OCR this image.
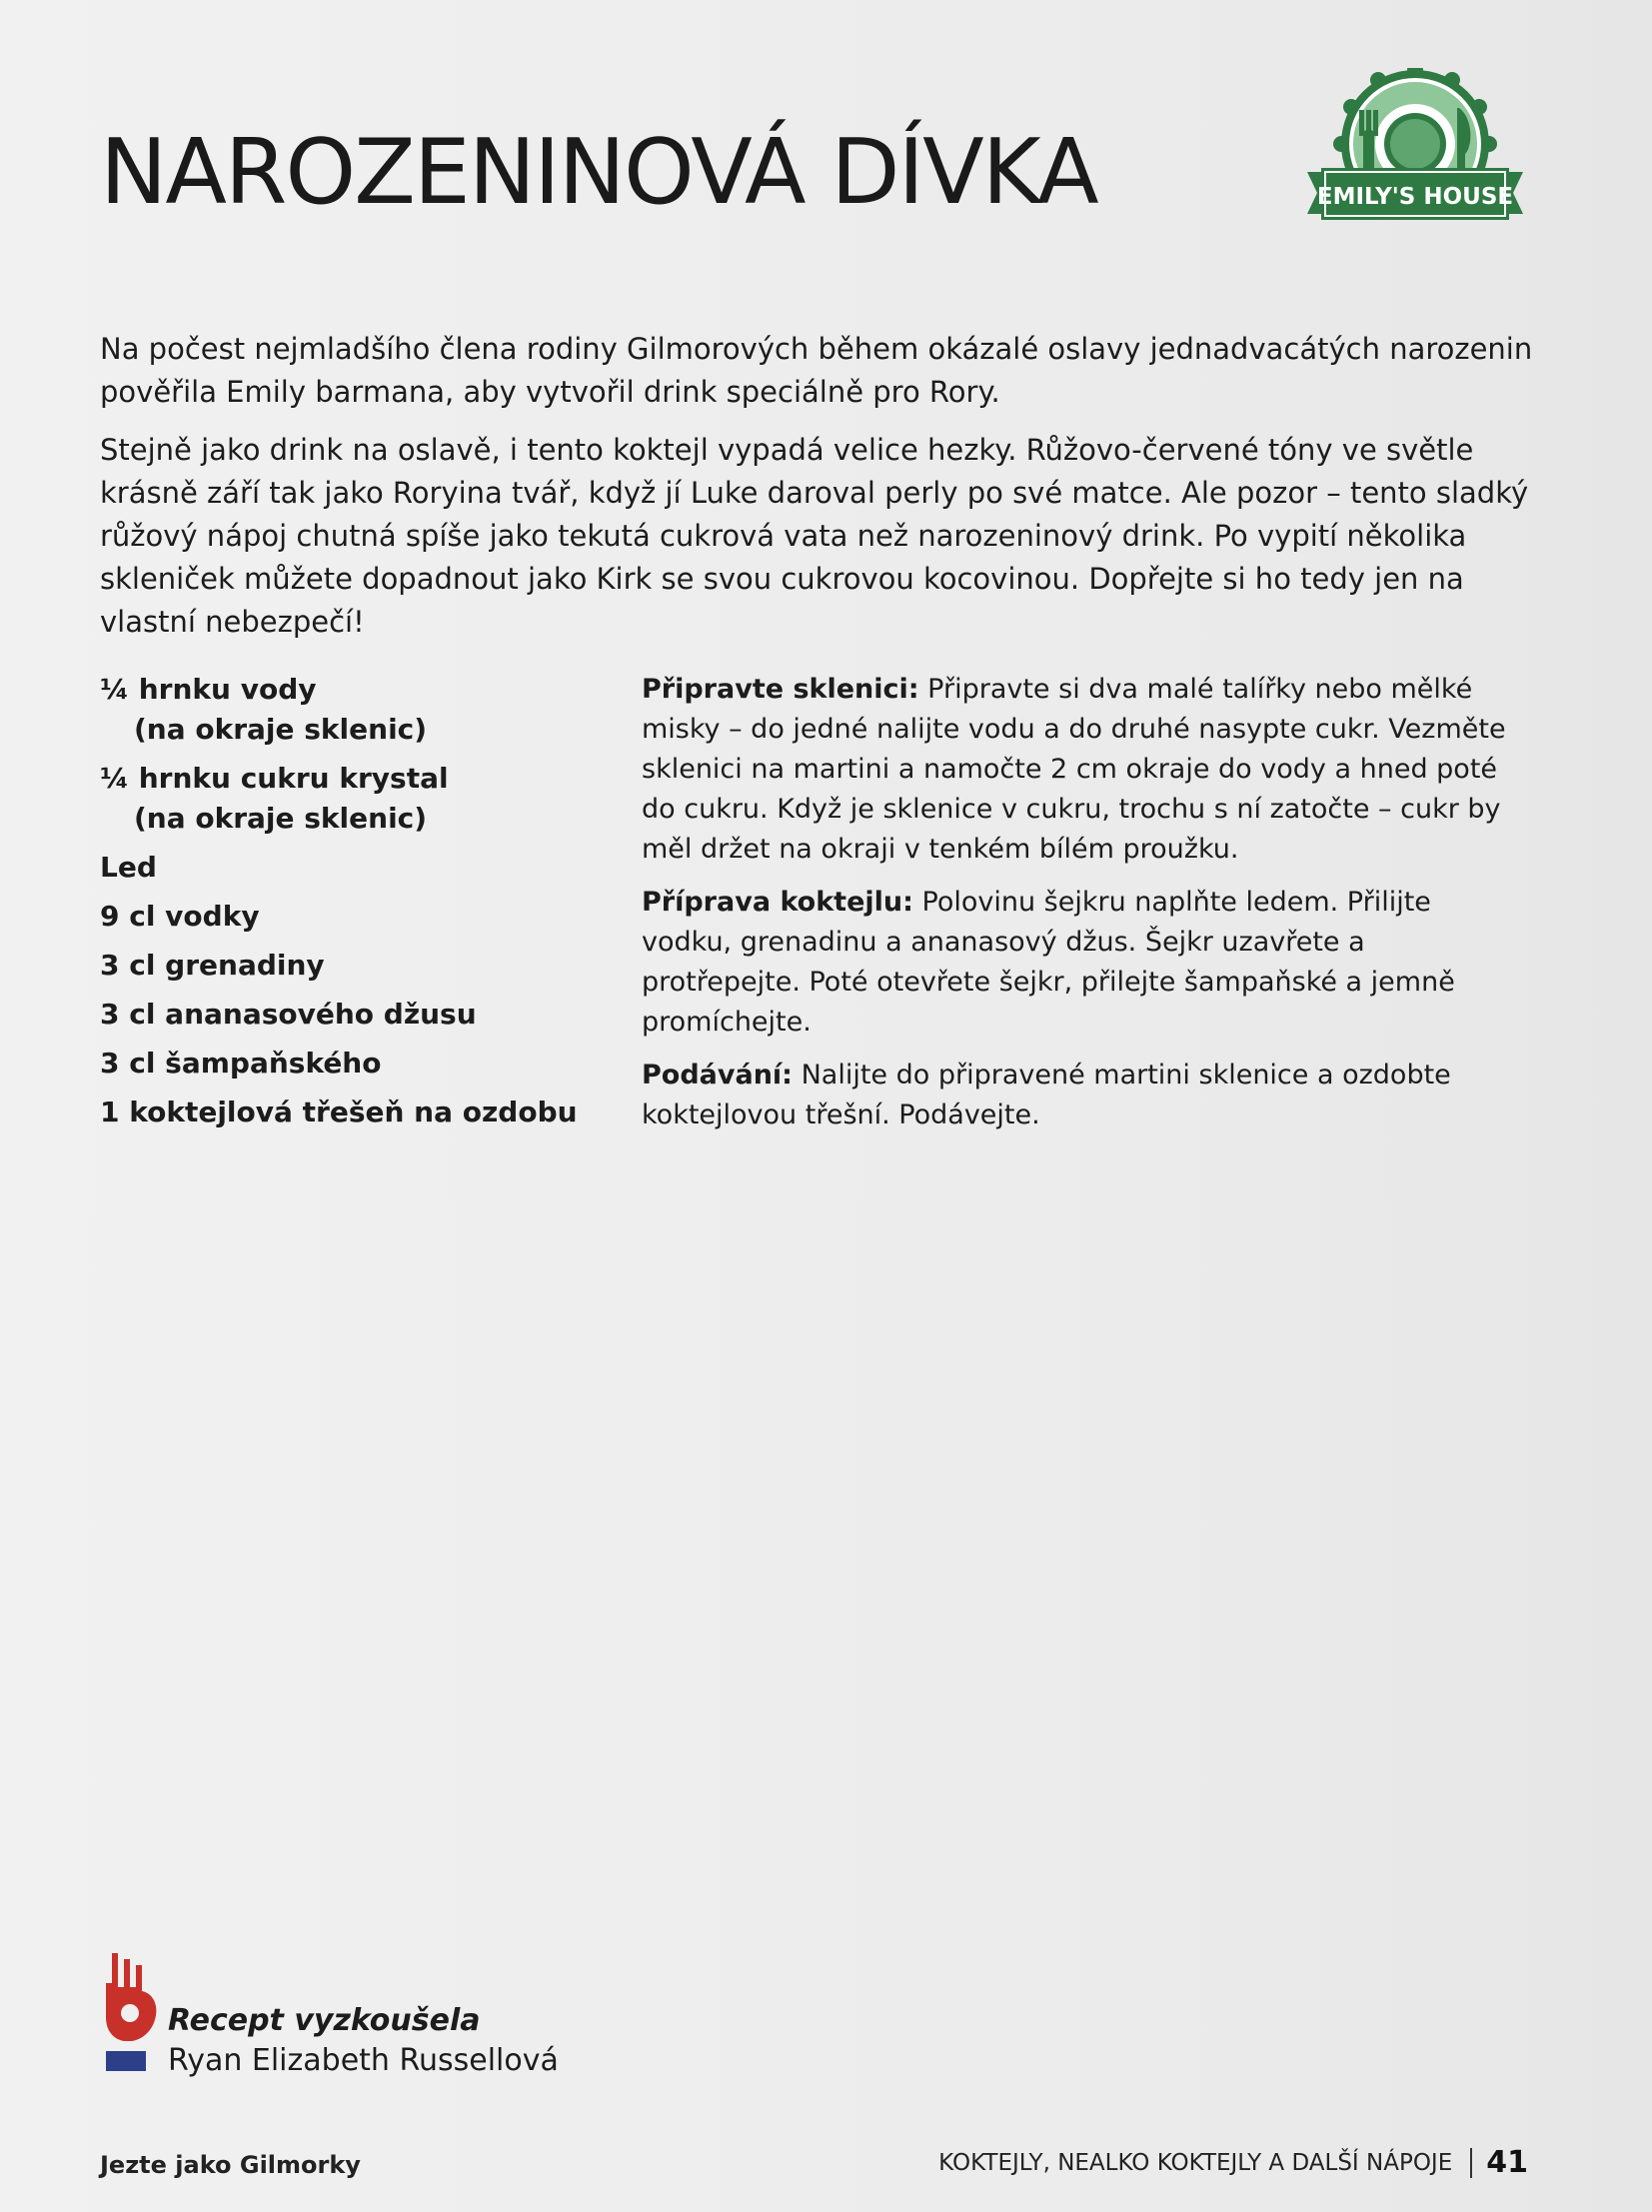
NAROZENINOVÁ DÍVKA	EMILY'S HOUSE

Na počest nejmladšího člena rodiny Gilmorových během okázalé oslavy jednadvacátých narozenin pověřila Emily barmana, aby vytvořil drink speciálně pro Rory.

Stejně jako drink na oslavě, i tento koktejl vypadá velice hezky. Růžovo-červené tóny ve světle krásně září tak jako Roryina tvář, když jí Luke daroval perly po své matce. Ale pozor – tento sladký růžový nápoj chutná spíše jako tekutá cukrová vata než narozeninový drink. Po vypití několika skleniček můžete dopadnout jako Kirk se svou cukrovou kocovinou. Dopřejte si ho tedy jen na vlastní nebezpečí!

¼ hrnku vody
(na okraje sklenic)
¼ hrnku cukru krystal
(na okraje sklenic)
Led
9 cl vodky
3 cl grenadiny
3 cl ananasového džusu
3 cl šampaňského
1 koktejlová třešeň na ozdobu

Připravte sklenici: Připravte si dva malé talířky nebo mělké misky – do jedné nalijte vodu a do druhé nasypte cukr. Vezměte sklenici na martini a namočte 2 cm okraje do vody a hned poté do cukru. Když je sklenice v cukru, trochu s ní zatočte – cukr by měl držet na okraji v tenkém bílém proužku.

Příprava koktejlu: Polovinu šejkru naplňte ledem. Přilijte vodku, grenadinu a ananasový džus. Šejkr uzavřete a protřepejte. Poté otevřete šejkr, přilejte šampaňské a jemně promíchejte.

Podávání: Nalijte do připravené martini sklenice a ozdobte koktejlovou třešní. Podávejte.

Recept vyzkoušela
Ryan Elizabeth Russellová
Jezte jako Gilmorky	KOKTEJLY, NEALKO KOKTEJLY A DALŠÍ NÁPOJE 41
